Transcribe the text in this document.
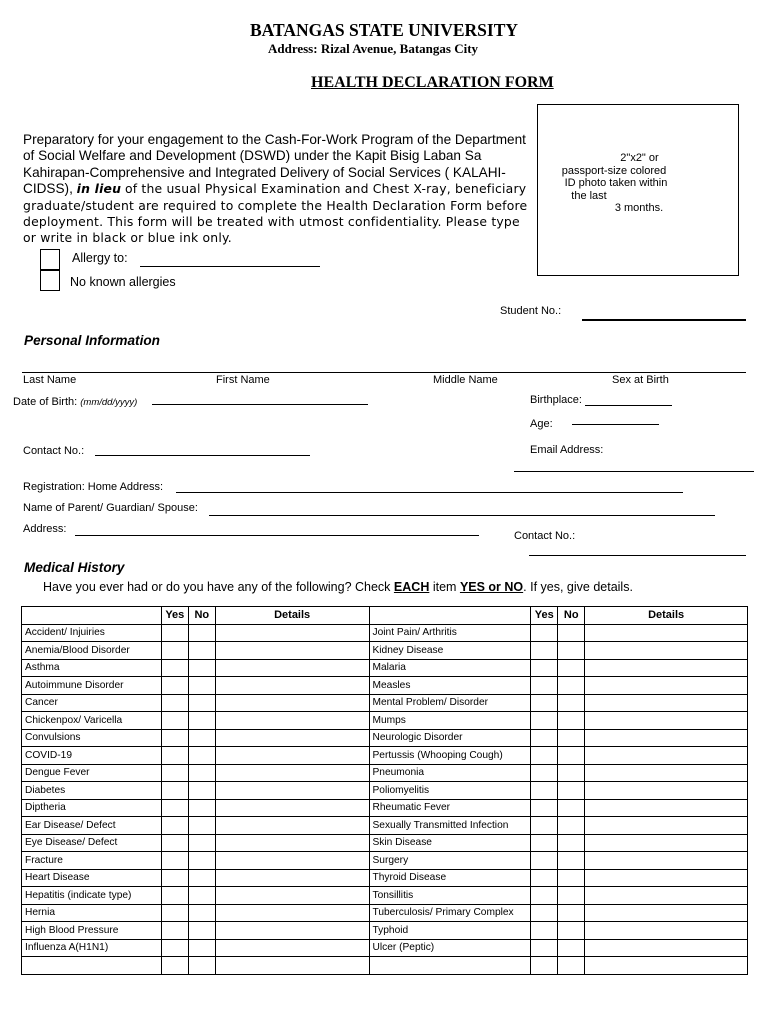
BATANGAS STATE UNIVERSITY
Address: Rizal Avenue, Batangas City
HEALTH DECLARATION FORM
Preparatory for your engagement to the Cash-For-Work Program of the Department of Social Welfare and Development (DSWD) under the Kapit Bisig Laban Sa Kahirapan-Comprehensive and Integrated Delivery of Social Services ( KALAHI-CIDSS), in lieu of the usual Physical Examination and Chest X-ray, beneficiary graduate/student are required to complete the Health Declaration Form before deployment. This form will be treated with utmost confidentiality. Please type or write in black or blue ink only.
2"x2" or
passport-size colored
ID photo taken within
the last
3 months.
Allergy to:
No known allergies
Student No.:
Personal Information
Last Name	First Name	Middle Name	Sex at Birth
Date of Birth: (mm/dd/yyyy)	Birthplace:
Age:
Contact No.:	Email Address:
Registration: Home Address:
Name of Parent/ Guardian/ Spouse:
Address:
Contact No.:
Medical History
Have you ever had or do you have any of the following? Check EACH item YES or NO. If yes, give details.
	Yes	No	Details		Yes	No	Details
Accident/ Injuiries				Joint Pain/ Arthritis			
Anemia/Blood Disorder				Kidney Disease			
Asthma				Malaria			
Autoimmune Disorder				Measles			
Cancer				Mental Problem/ Disorder			
Chickenpox/ Varicella				Mumps			
Convulsions				Neurologic Disorder			
COVID-19				Pertussis (Whooping Cough)			
Dengue Fever				Pneumonia			
Diabetes				Poliomyelitis			
Diptheria				Rheumatic Fever			
Ear Disease/ Defect				Sexually Transmitted Infection			
Eye Disease/ Defect				Skin Disease			
Fracture				Surgery			
Heart Disease				Thyroid Disease			
Hepatitis (indicate type)				Tonsillitis			
Hernia				Tuberculosis/ Primary Complex			
High Blood Pressure				Typhoid			
Influenza A(H1N1)				Ulcer (Peptic)			
